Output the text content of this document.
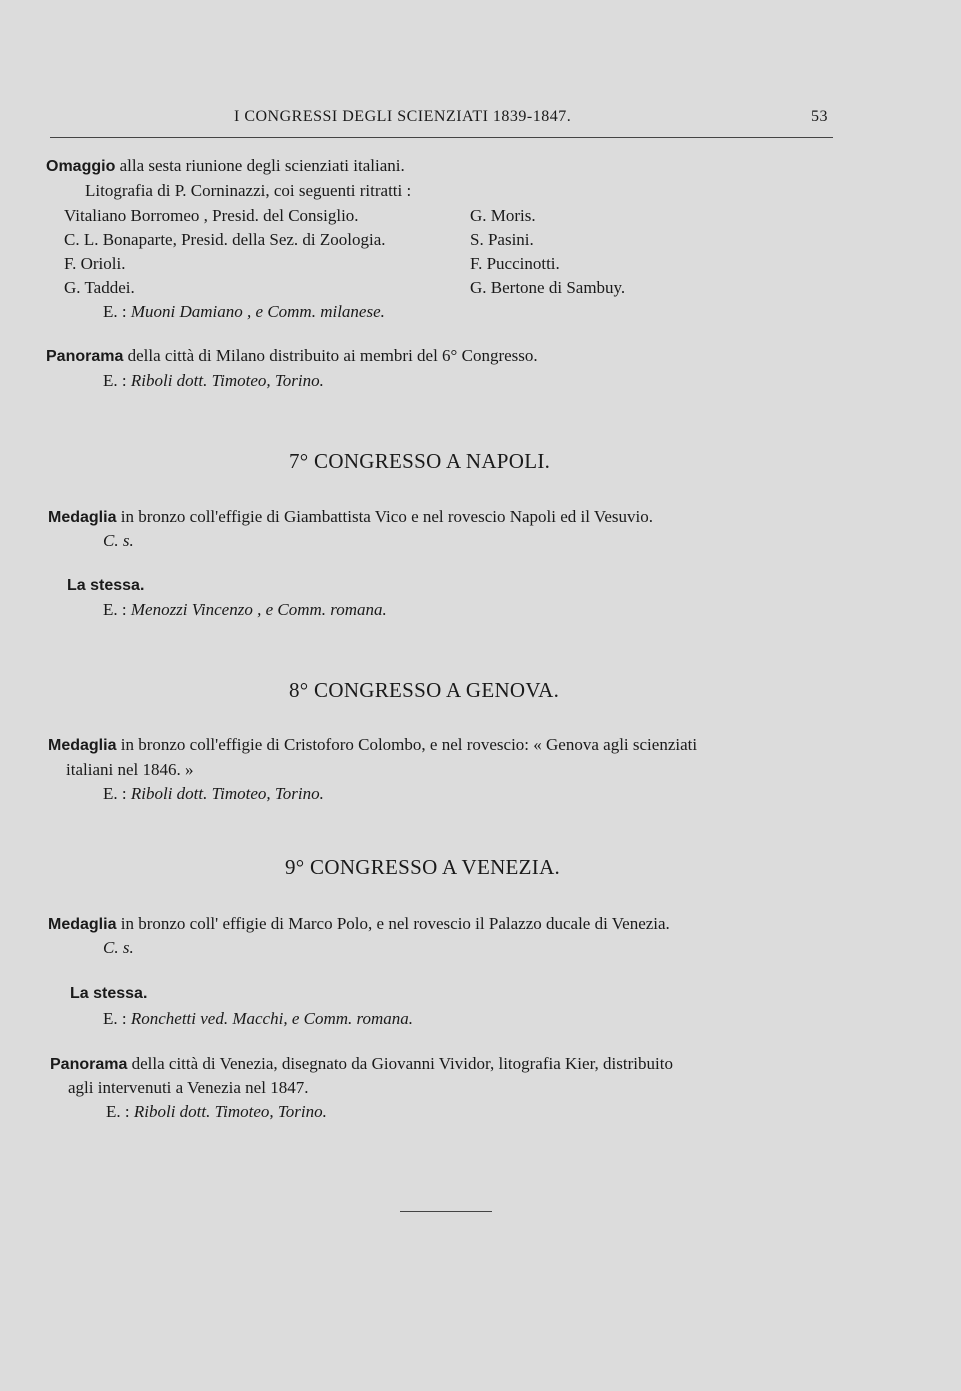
I CONGRESSI DEGLI SCIENZIATI 1839-1847.	53
Omaggio alla sesta riunione degli scienziati italiani.
Litografia di P. Corninazzi, coi seguenti ritratti :
Vitaliano Borromeo , Presid. del Consiglio.
C. L. Bonaparte, Presid. della Sez. di Zoologia.
F. Orioli.
G. Taddei.
G. Moris.
S. Pasini.
F. Puccinotti.
G. Bertone di Sambuy.
E. : Muoni Damiano , e Comm. milanese.
Panorama della città di Milano distribuito ai membri del 6° Congresso.
E. : Riboli dott. Timoteo, Torino.
7° CONGRESSO A NAPOLI.
Medaglia in bronzo coll'effigie di Giambattista Vico e nel rovescio Napoli ed il Vesuvio.
C. s.
La stessa.
E. : Menozzi Vincenzo , e Comm. romana.
8° CONGRESSO A GENOVA.
Medaglia in bronzo coll'effigie di Cristoforo Colombo, e nel rovescio: « Genova agli scienziati
italiani nel 1846. »
E. : Riboli dott. Timoteo, Torino.
9° CONGRESSO A VENEZIA.
Medaglia in bronzo coll' effigie di Marco Polo, e nel rovescio il Palazzo ducale di Venezia.
C. s.
La stessa.
E. : Ronchetti ved. Macchi, e Comm. romana.
Panorama della città di Venezia, disegnato da Giovanni Vividor, litografia Kier, distribuito
agli intervenuti a Venezia nel 1847.
E. : Riboli dott. Timoteo, Torino.
